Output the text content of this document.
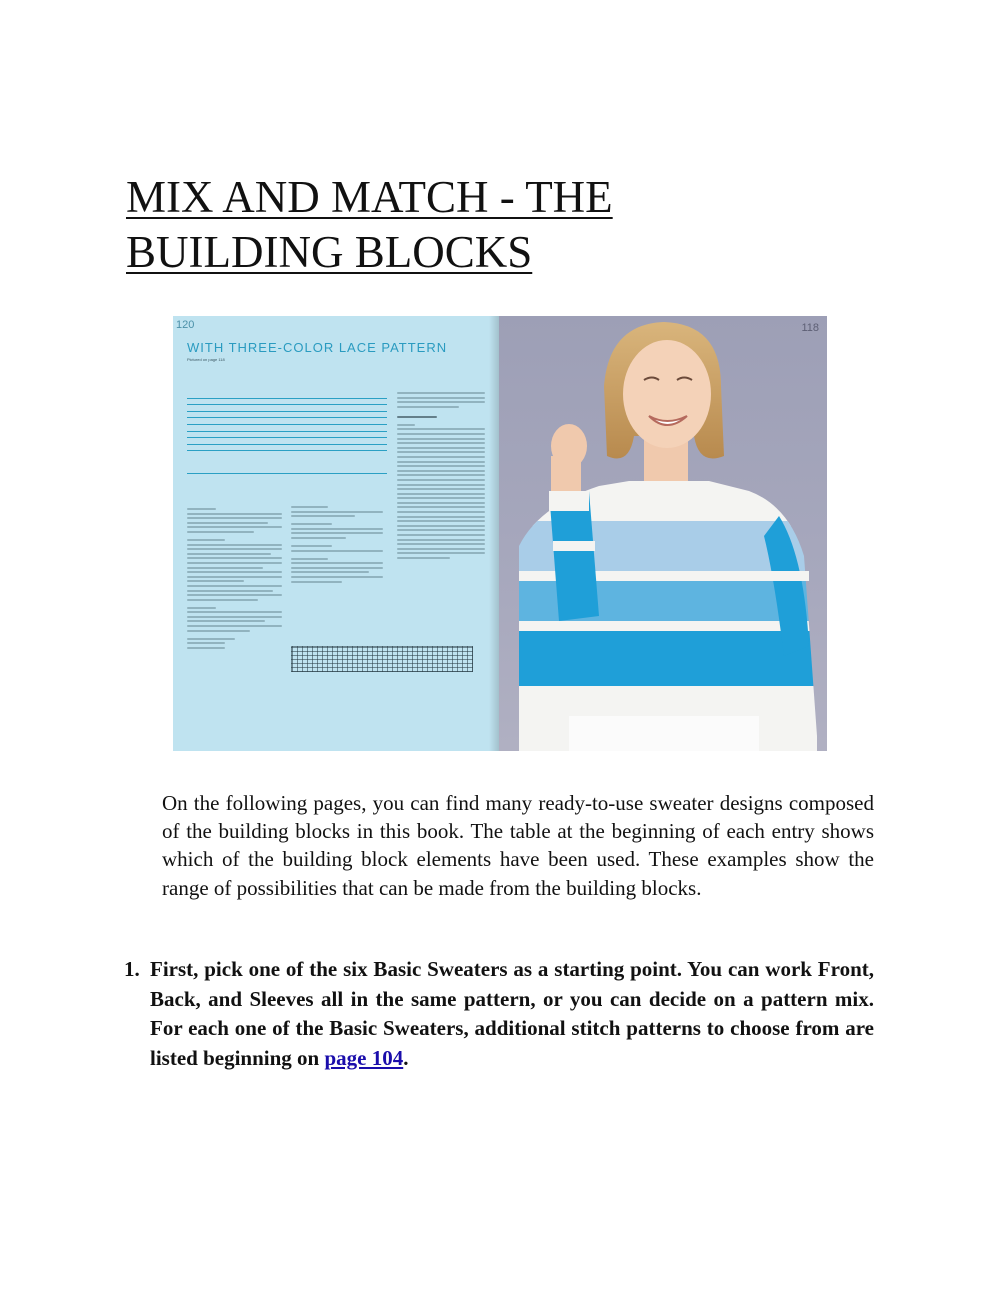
MIX AND MATCH - THE
BUILDING BLOCKS
120
WITH THREE-COLOR LACE PATTERN
Pictured on page 118
118

On the following pages, you can find many ready-to-use sweater designs composed of the building blocks in this book. The table at the beginning of each entry shows which of the building block elements have been used. These examples show the range of possibilities that can be made from the building blocks.

1. First, pick one of the six Basic Sweaters as a starting point. You can work Front, Back, and Sleeves all in the same pattern, or you can decide on a pattern mix. For each one of the Basic Sweaters, additional stitch patterns to choose from are listed beginning on page 104.
